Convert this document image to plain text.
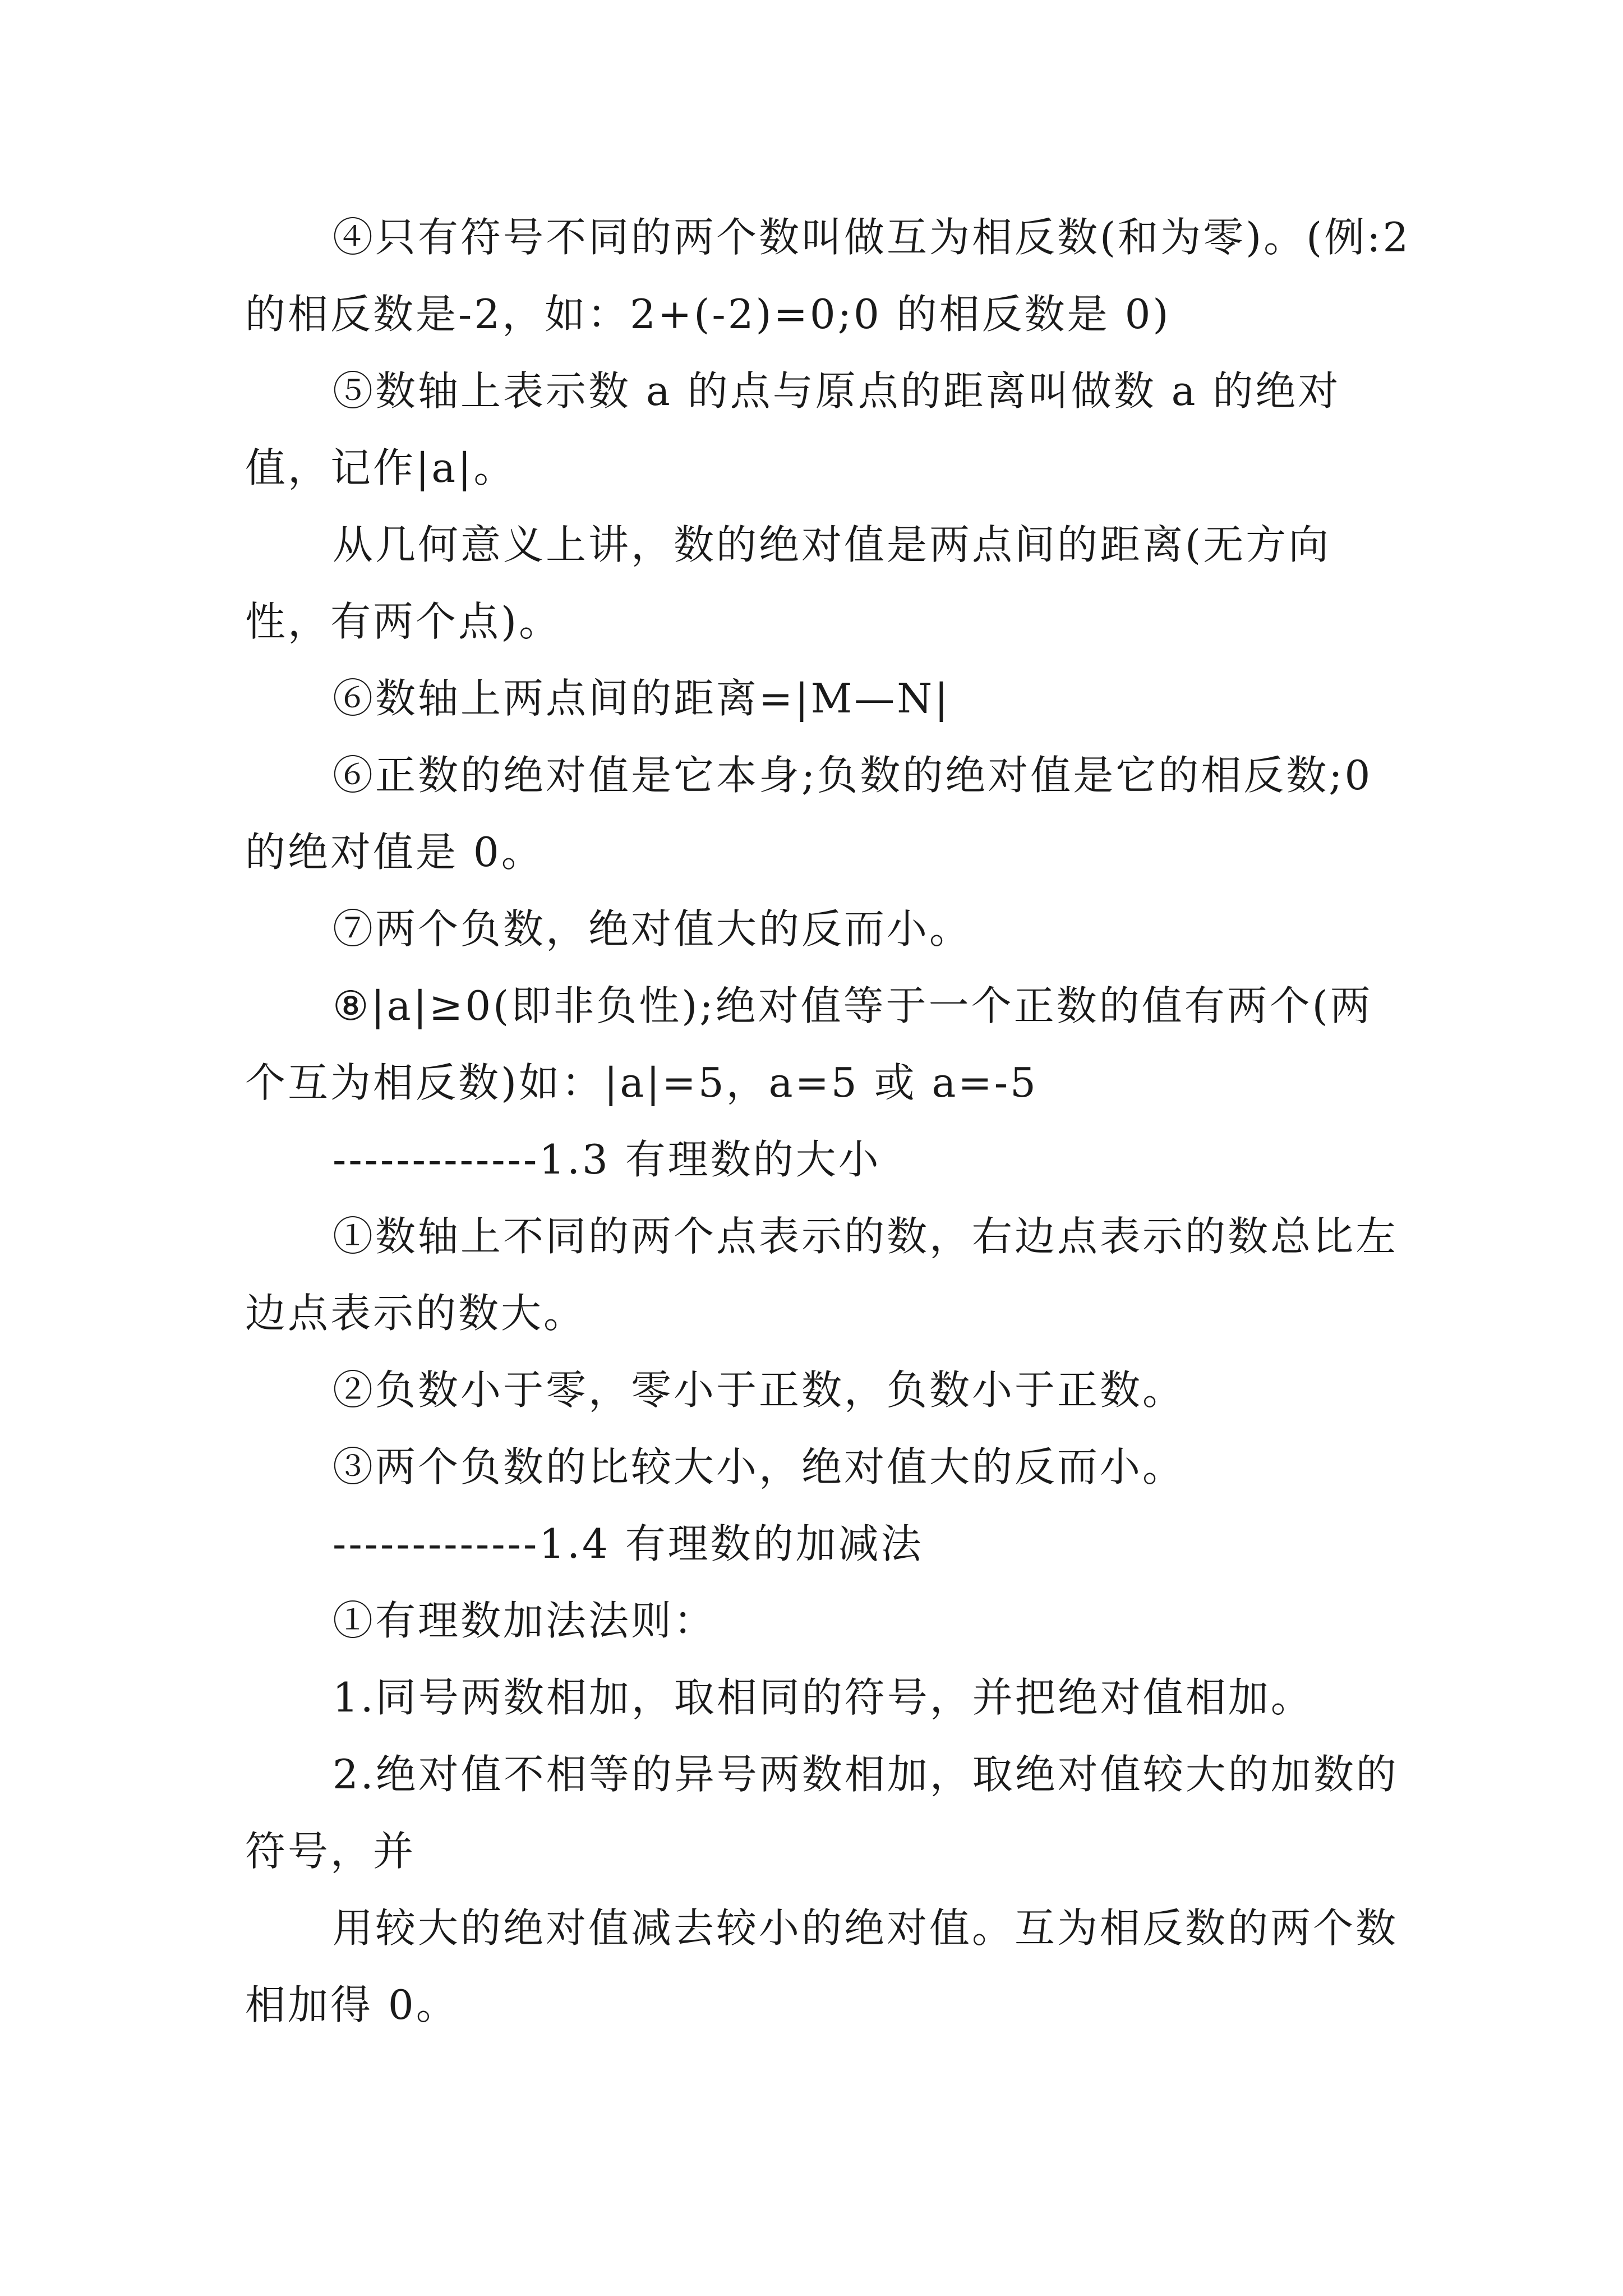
④只有符号不同的两个数叫做互为相反数(和为零)。(例:2的相反数是-2，如：2+(-2)=0;0 的相反数是 0)

⑤数轴上表示数 a 的点与原点的距离叫做数 a 的绝对值，记作|a|。

从几何意义上讲，数的绝对值是两点间的距离(无方向性，有两个点)。

⑥数轴上两点间的距离=|M—N|

⑥正数的绝对值是它本身;负数的绝对值是它的相反数;0的绝对值是 0。

⑦两个负数，绝对值大的反而小。

⑧|a|≥0(即非负性);绝对值等于一个正数的值有两个(两个互为相反数)如：|a|=5，a=5 或 a=-5

-------------1.3 有理数的大小

①数轴上不同的两个点表示的数，右边点表示的数总比左边点表示的数大。

②负数小于零，零小于正数，负数小于正数。

③两个负数的比较大小，绝对值大的反而小。

-------------1.4 有理数的加减法

①有理数加法法则：

1.同号两数相加，取相同的符号，并把绝对值相加。

2.绝对值不相等的异号两数相加，取绝对值较大的加数的符号，并

用较大的绝对值减去较小的绝对值。互为相反数的两个数相加得 0。
